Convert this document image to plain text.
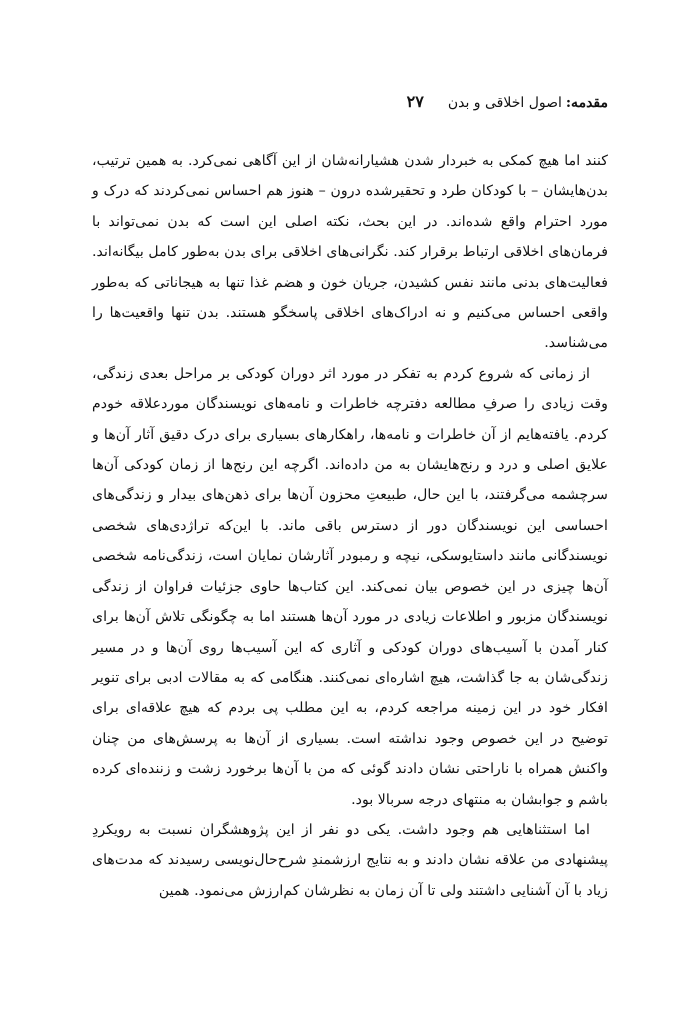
مقدمه:
اصول اخلاقی و بدن
۲۷

کنند اما هیچ کمکی به خبردار شدن هشیارانه‌شان از این آگاهی نمی‌کرد. به همین ترتیب، بدن‌هایشان – با کودکان طرد و تحقیرشده درون – هنوز هم احساس نمی‌کردند که درک و مورد احترام واقع شده‌اند. در این بحث، نکته اصلی این است که بدن نمی‌تواند با فرمان‌های اخلاقی ارتباط برقرار کند. نگرانی‌های اخلاقی برای بدن به‌طور کامل بیگانه‌اند. فعالیت‌های بدنی مانند نفس کشیدن، جریان خون و هضم غذا تنها به هیجاناتی که به‌طور واقعی احساس می‌کنیم و نه ادراک‌های اخلاقی پاسخگو هستند. بدن تنها واقعیت‌ها را می‌شناسد.

از زمانی که شروع کردم به تفکر در مورد اثر دوران کودکی بر مراحل بعدی زندگی، وقت زیادی را صرفِ مطالعه دفترچه خاطرات و نامه‌های نویسندگان موردعلاقه خودم کردم. یافته‌هایم از آن خاطرات و نامه‌ها، راهکارهای بسیاری برای درک دقیق آثار آن‌ها و علایق اصلی و درد و رنج‌هایشان به من داده‌اند. اگرچه این رنج‌ها از زمان کودکی آن‌ها سرچشمه می‌گرفتند، با این حال، طبیعتِ محزون آن‌ها برای ذهن‌های بیدار و زندگی‌های احساسی این نویسندگان دور از دسترس باقی ماند. با این‌که تراژدی‌های شخصی نویسندگانی مانند داستایوسکی، نیچه و رمبودر آثارشان نمایان است، زندگی‌نامه شخصی آن‌ها چیزی در این خصوص بیان نمی‌کند. این کتاب‌ها حاوی جزئیات فراوان از زندگی نویسندگان مزبور و اطلاعات زیادی در مورد آن‌ها هستند اما به چگونگی تلاش آن‌ها برای کنار آمدن با آسیب‌های دوران کودکی و آثاری که این آسیب‌ها روی آن‌ها و در مسیر زندگی‌شان به جا گذاشت، هیچ اشاره‌ای نمی‌کنند. هنگامی که به مقالات ادبی برای تنویر افکار خود در این زمینه مراجعه کردم، به این مطلب پی بردم که هیچ علاقه‌ای برای توضیح در این خصوص وجود نداشته است. بسیاری از آن‌ها به پرسش‌های من چنان واکنش همراه با ناراحتی نشان دادند گوئی که من با آن‌ها برخورد زشت و زننده‌ای کرده باشم و جوابشان به منتهای درجه سربالا بود.

اما استثناهایی هم وجود داشت. یکی دو نفر از این پژوهشگران نسبت به رویکردِ پیشنهادی من علاقه نشان دادند و به نتایج ارزشمندِ شرح‌حال‌نویسی رسیدند که مدت‌های زیاد با آن آشنایی داشتند ولی تا آن زمان به نظرشان کم‌ارزش می‌نمود. همین
